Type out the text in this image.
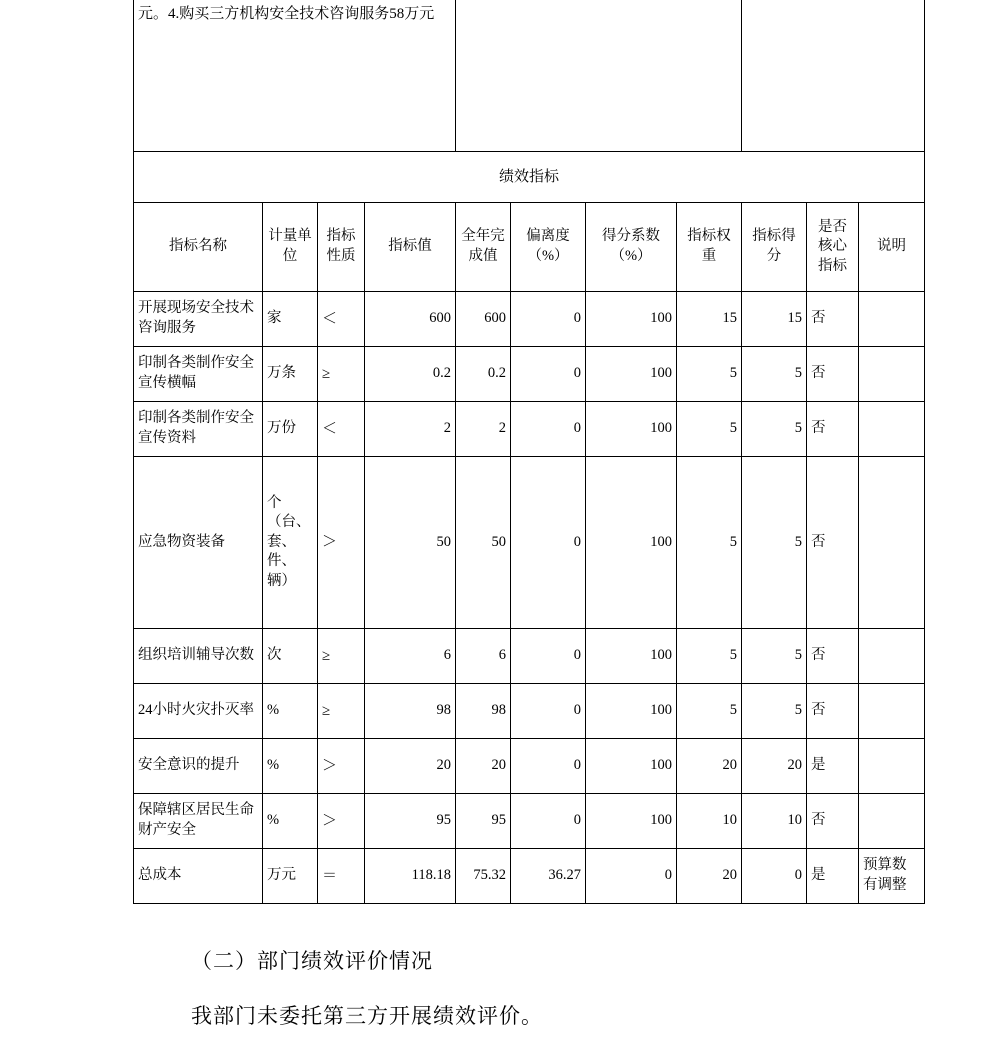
元。4.购买三方机构安全技术咨询服务58万元										

绩效指标										
指标名称	计量单位	指标性质	指标值	全年完成值	偏离度（%）	得分系数（%）	指标权重	指标得分	是否核心指标	说明
开展现场安全技术咨询服务	家	＜	600	600	0	100	15	15	否	
印制各类制作安全宣传横幅	万条	≥	0.2	0.2	0	100	5	5	否	
印制各类制作安全宣传资料	万份	＜	2	2	0	100	5	5	否	
应急物资装备	个（台、套、件、辆）	＞	50	50	0	100	5	5	否	
组织培训辅导次数	次	≥	6	6	0	100	5	5	否	
24小时火灾扑灭率	%	≥	98	98	0	100	5	5	否	
安全意识的提升	%	＞	20	20	0	100	20	20	是	
保障辖区居民生命财产安全	%	＞	95	95	0	100	10	10	否	
总成本	万元	＝	118.18	75.32	36.27	0	20	0	是	预算数有调整
（二）部门绩效评价情况
我部门未委托第三方开展绩效评价。
